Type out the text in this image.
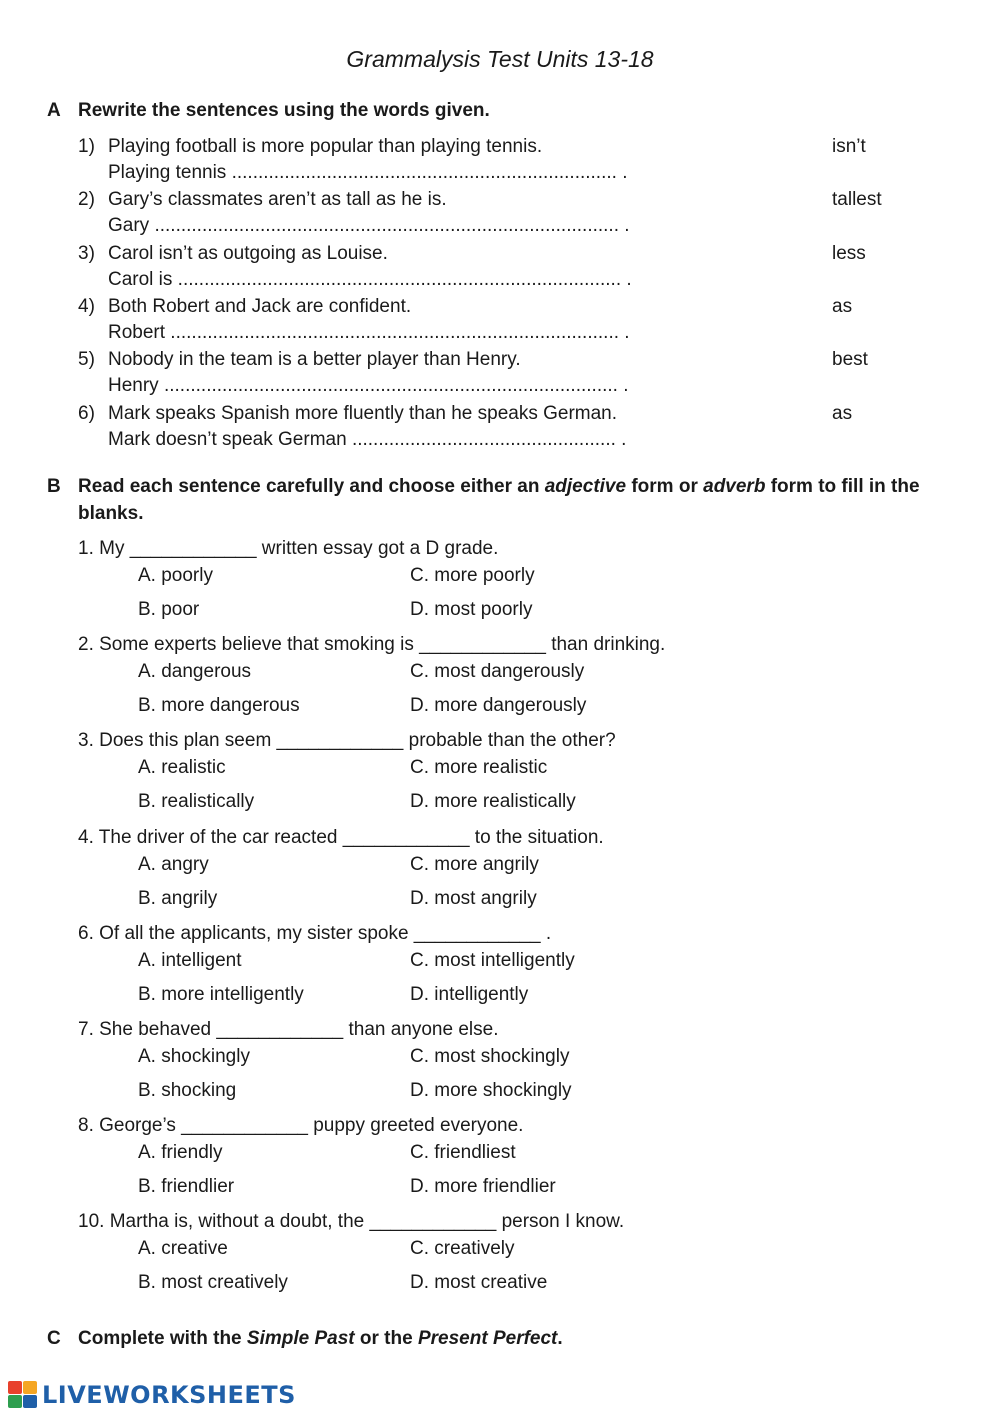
Grammalysis Test Units 13-18
A Rewrite the sentences using the words given.
1) Playing football is more popular than playing tennis.	isn’t
Playing tennis ......................................................................... .
2) Gary’s classmates aren’t as tall as he is.	tallest
Gary ........................................................................................ .
3) Carol isn’t as outgoing as Louise.	less
Carol is .................................................................................... .
4) Both Robert and Jack are confident.	as
Robert ..................................................................................... .
5) Nobody in the team is a better player than Henry.	best
Henry ...................................................................................... .
6) Mark speaks Spanish more fluently than he speaks German.	as
Mark doesn’t speak German .................................................. .
B Read each sentence carefully and choose either an adjective form or adverb form to fill in the blanks.
1. My ____________ written essay got a D grade.
A. poorly	C. more poorly
B. poor	D. most poorly
2. Some experts believe that smoking is ____________ than drinking.
A. dangerous	C. most dangerously
B. more dangerous	D. more dangerously
3. Does this plan seem ____________ probable than the other?
A. realistic	C. more realistic
B. realistically	D. more realistically
4. The driver of the car reacted ____________ to the situation.
A. angry	C. more angrily
B. angrily	D. most angrily
6. Of all the applicants, my sister spoke ____________ .
A. intelligent	C. most intelligently
B. more intelligently	D. intelligently
7. She behaved ____________ than anyone else.
A. shockingly	C. most shockingly
B. shocking	D. more shockingly
8. George’s ____________ puppy greeted everyone.
A. friendly	C. friendliest
B. friendlier	D. more friendlier
10. Martha is, without a doubt, the ____________ person I know.
A. creative	C. creatively
B. most creatively	D. most creative
C Complete with the Simple Past or the Present Perfect.
LIVEWORKSHEETS
